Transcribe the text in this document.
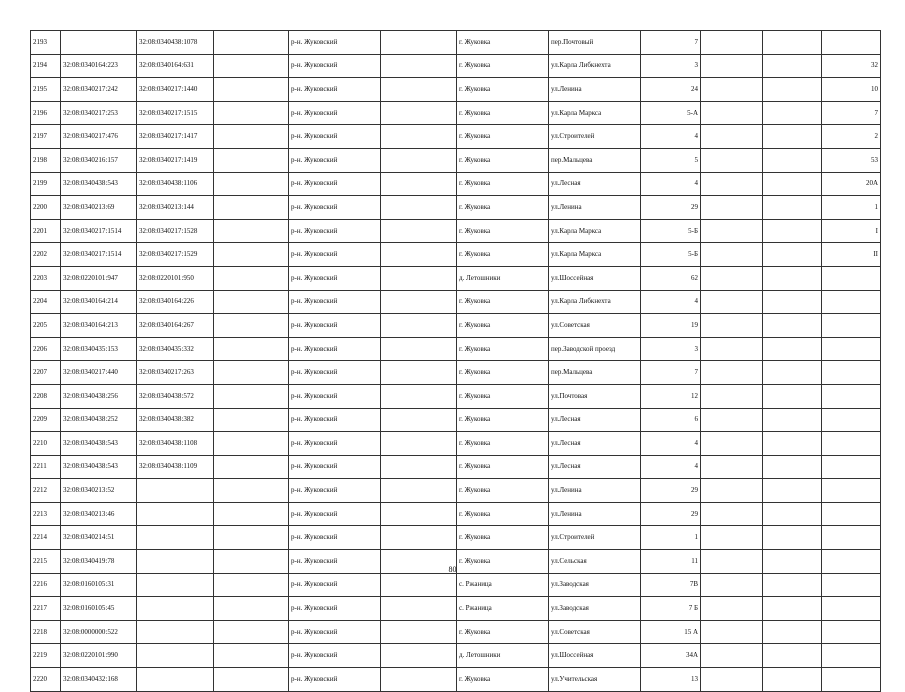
2193		32:08:0340438:1078		р-н. Жуковский		г. Жуковка	пер.Почтовый	7			
2194	32:08:0340164:223	32:08:0340164:631		р-н. Жуковский		г. Жуковка	ул.Карла Либкнехта	3			32
2195	32:08:0340217:242	32:08:0340217:1440		р-н. Жуковский		г. Жуковка	ул.Ленина	24			10
2196	32:08:0340217:253	32:08:0340217:1515		р-н. Жуковский		г. Жуковка	ул.Карла Маркса	5-А			7
2197	32:08:0340217:476	32:08:0340217:1417		р-н. Жуковский		г. Жуковка	ул.Строителей	4			2
2198	32:08:0340216:157	32:08:0340217:1419		р-н. Жуковский		г. Жуковка	пер.Мальцева	5			53
2199	32:08:0340438:543	32:08:0340438:1106		р-н. Жуковский		г. Жуковка	ул.Лесная	4			20А
2200	32:08:0340213:69	32:08:0340213:144		р-н. Жуковский		г. Жуковка	ул.Ленина	29			1
2201	32:08:0340217:1514	32:08:0340217:1528		р-н. Жуковский		г. Жуковка	ул.Карла Маркса	5-Б			I
2202	32:08:0340217:1514	32:08:0340217:1529		р-н. Жуковский		г. Жуковка	ул.Карла Маркса	5-Б			II
2203	32:08:0220101:947	32:08:0220101:950		р-н. Жуковский		д. Летошники	ул.Шоссейная	62			
2204	32:08:0340164:214	32:08:0340164:226		р-н. Жуковский		г. Жуковка	ул.Карла Либкнехта	4			
2205	32:08:0340164:213	32:08:0340164:267		р-н. Жуковский		г. Жуковка	ул.Советская	19			
2206	32:08:0340435:153	32:08:0340435:332		р-н. Жуковский		г. Жуковка	пер.Заводской проезд	3			
2207	32:08:0340217:440	32:08:0340217:263		р-н. Жуковский		г. Жуковка	пер.Мальцева	7			
2208	32:08:0340438:256	32:08:0340438:572		р-н. Жуковский		г. Жуковка	ул.Почтовая	12			
2209	32:08:0340438:252	32:08:0340438:382		р-н. Жуковский		г. Жуковка	ул.Лесная	6			
2210	32:08:0340438:543	32:08:0340438:1108		р-н. Жуковский		г. Жуковка	ул.Лесная	4			
2211	32:08:0340438:543	32:08:0340438:1109		р-н. Жуковский		г. Жуковка	ул.Лесная	4			
2212	32:08:0340213:52			р-н. Жуковский		г. Жуковка	ул.Ленина	29			
2213	32:08:0340213:46			р-н. Жуковский		г. Жуковка	ул.Ленина	29			
2214	32:08:0340214:51			р-н. Жуковский		г. Жуковка	ул.Строителей	1			
2215	32:08:0340419:78			р-н. Жуковский		г. Жуковка	ул.Сельская	11			
2216	32:08:0160105:31			р-н. Жуковский		с. Ржаница	ул.Заводская	7В			
2217	32:08:0160105:45			р-н. Жуковский		с. Ржаница	ул.Заводская	7 Б			
2218	32:08:0000000:522			р-н. Жуковский		г. Жуковка	ул.Советская	15 А			
2219	32:08:0220101:990			р-н. Жуковский		д. Летошники	ул.Шоссейная	34А			
2220	32:08:0340432:168			р-н. Жуковский		г. Жуковка	ул.Учительская	13			
80
